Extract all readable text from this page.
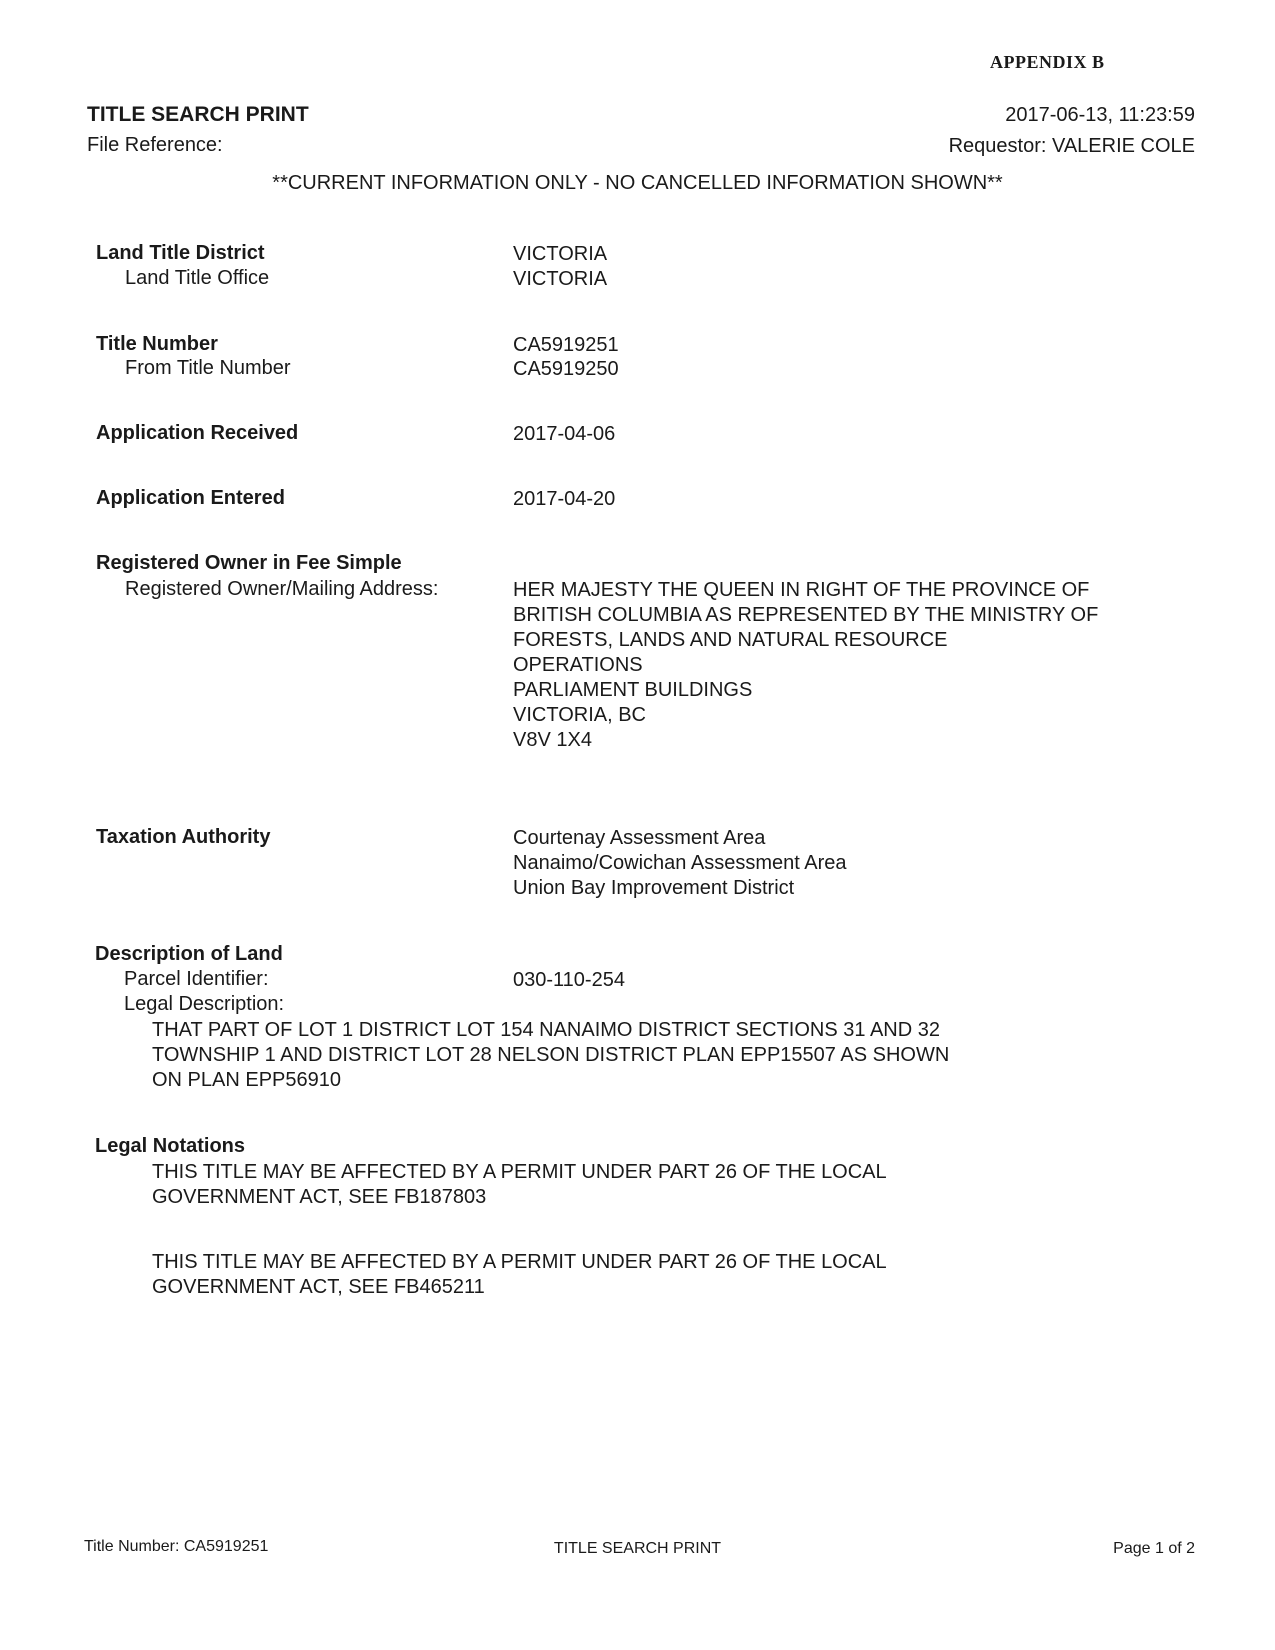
APPENDIX B
TITLE SEARCH PRINT	2017-06-13, 11:23:59
File Reference:	Requestor: VALERIE COLE
**CURRENT INFORMATION ONLY - NO CANCELLED INFORMATION SHOWN**
Land Title District	VICTORIA
Land Title Office	VICTORIA
Title Number	CA5919251
From Title Number	CA5919250
Application Received	2017-04-06
Application Entered	2017-04-20
Registered Owner in Fee Simple
Registered Owner/Mailing Address:	HER MAJESTY THE QUEEN IN RIGHT OF THE PROVINCE OF
BRITISH COLUMBIA AS REPRESENTED BY THE MINISTRY OF
FORESTS, LANDS AND NATURAL RESOURCE
OPERATIONS
PARLIAMENT BUILDINGS
VICTORIA, BC
V8V 1X4
Taxation Authority	Courtenay Assessment Area
Nanaimo/Cowichan Assessment Area
Union Bay Improvement District
Description of Land
Parcel Identifier:	030-110-254
Legal Description:
THAT PART OF LOT 1 DISTRICT LOT 154 NANAIMO DISTRICT SECTIONS 31 AND 32
TOWNSHIP 1 AND DISTRICT LOT 28 NELSON DISTRICT PLAN EPP15507 AS SHOWN
ON PLAN EPP56910
Legal Notations
THIS TITLE MAY BE AFFECTED BY A PERMIT UNDER PART 26 OF THE LOCAL
GOVERNMENT ACT, SEE FB187803
THIS TITLE MAY BE AFFECTED BY A PERMIT UNDER PART 26 OF THE LOCAL
GOVERNMENT ACT, SEE FB465211
Title Number: CA5919251	TITLE SEARCH PRINT	Page 1 of 2
